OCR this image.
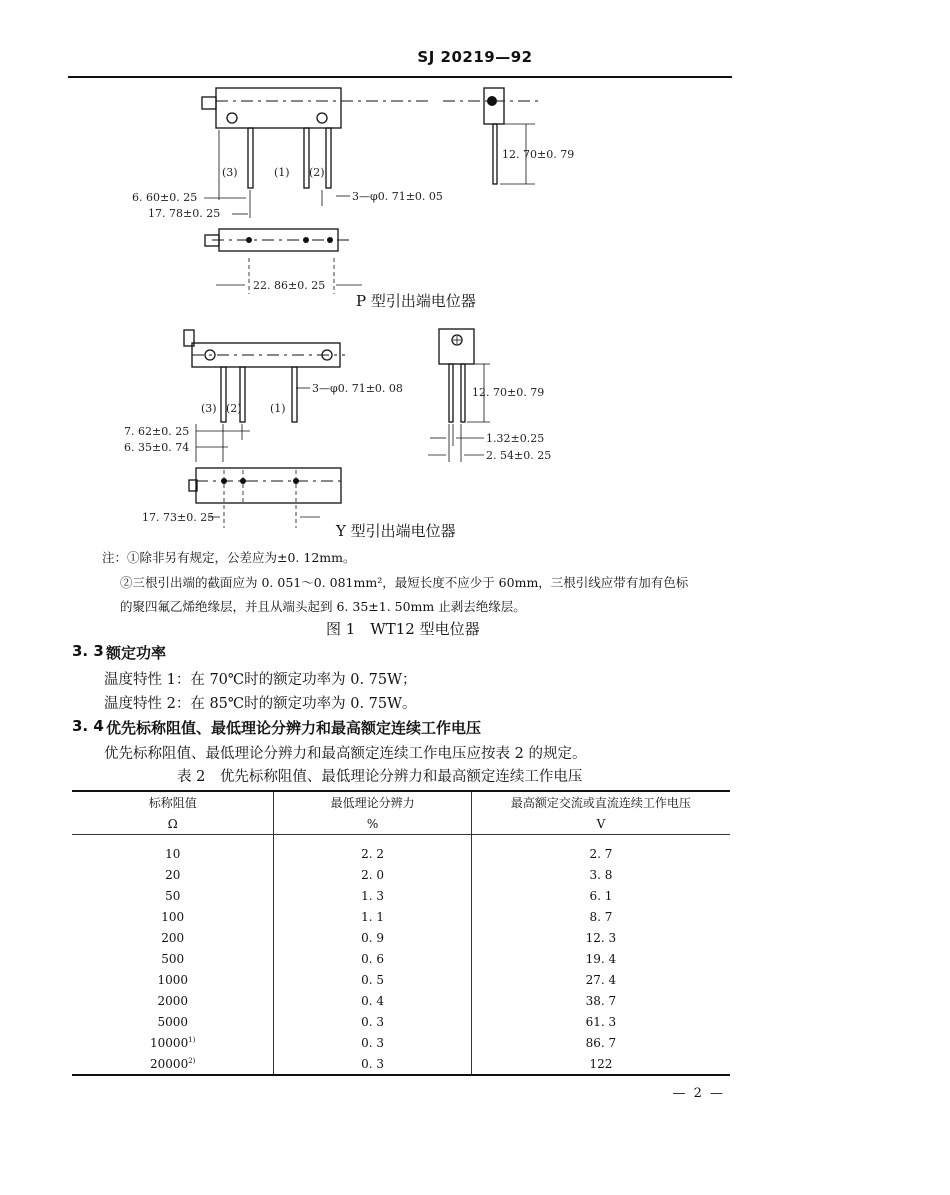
SJ 20219—92
(3)	(1) (2)
6. 60±0. 25
17. 78±0. 25
3—φ0. 71±0. 05
22. 86±0. 25
12. 70±0. 79
(3) (2)	(1)
3—φ0. 71±0. 08
7. 62±0. 25
6. 35±0. 74
17. 73±0. 25
12. 70±0. 79
1.32±0.25
2. 54±0. 25
P 型引出端电位器
Y 型引出端电位器
注：①除非另有规定，公差应为±0. 12mm。
②三根引出端的截面应为 0. 051～0. 081mm²，最短长度不应少于 60mm，三根引线应带有加有色标
的聚四氟乙烯绝缘层，并且从端头起到 6. 35±1. 50mm 止剥去绝缘层。
图 1　WT12 型电位器
3. 3 额定功率
温度特性 1：在 70℃时的额定功率为 0. 75W；
温度特性 2：在 85℃时的额定功率为 0. 75W。
3. 4 优先标称阻值、最低理论分辨力和最高额定连续工作电压
优先标称阻值、最低理论分辨力和最高额定连续工作电压应按表 2 的规定。
表 2　优先标称阻值、最低理论分辨力和最高额定连续工作电压
标称阻值	最低理论分辨力	最高额定交流或直流连续工作电压
Ω	%	V

10	2. 2	2. 7
20	2. 0	3. 8
50	1. 3	6. 1
100	1. 1	8. 7
200	0. 9	12. 3
500	0. 6	19. 4
1000	0. 5	27. 4
2000	0. 4	38. 7
5000	0. 3	61. 3
10000$^{1)}$	0. 3	86. 7
20000$^{2)}$	0. 3	122
— 2 —
